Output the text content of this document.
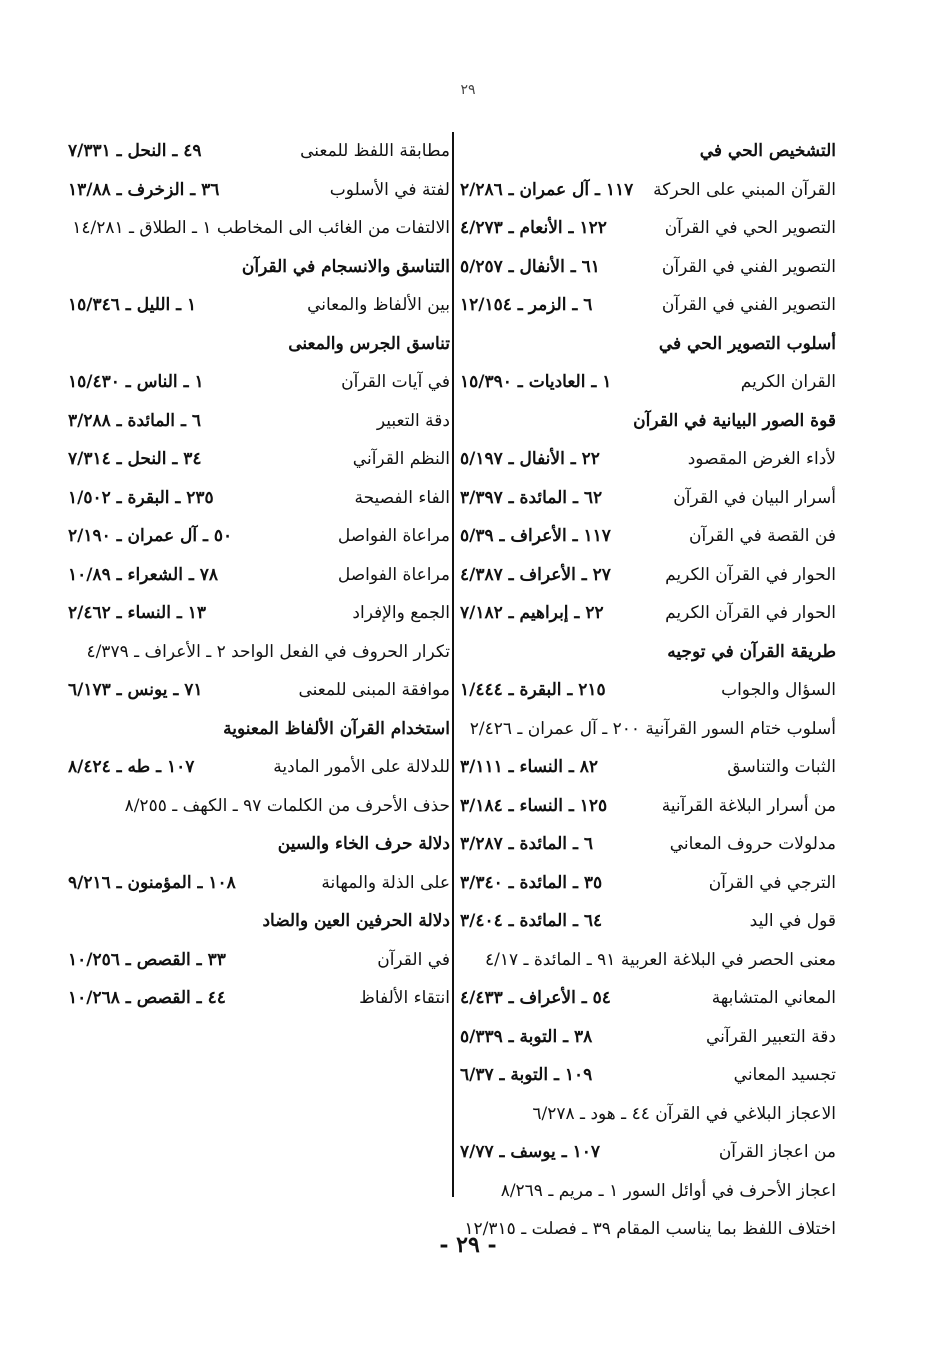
٢٩
التشخيص الحي في
القرآن المبني على الحركة
١١٧ ـ آل عمران ـ ٢/٢٨٦
التصوير الحي في القرآن
١٢٢ ـ الأنعام ـ ٤/٢٧٣
التصوير الفني في القرآن
٦١ ـ الأنفال ـ ٥/٢٥٧
التصوير الفني في القرآن
٦ ـ الزمر ـ ١٢/١٥٤
أسلوب التصوير الحي في
القران الكريم
١ ـ العاديات ـ ١٥/٣٩٠
قوة الصور البيانية في القرآن
لأداء الغرض المقصود
٢٢ ـ الأنفال ـ ٥/١٩٧
أسرار البيان في القرآن
٦٢ ـ المائدة ـ ٣/٣٩٧
فن القصة في القرآن
١١٧ ـ الأعراف ـ ٥/٣٩
الحوار في القرآن الكريم
٢٧ ـ الأعراف ـ ٤/٣٨٧
الحوار في القرآن الكريم
٢٢ ـ إبراهيم ـ ٧/١٨٢
طريقة القرآن في توجيه
السؤال والجواب
٢١٥ ـ البقرة ـ ١/٤٤٤
أسلوب ختام السور القرآنية ٢٠٠ ـ آل عمران ـ ٢/٤٢٦
الثبات والتناسق
٨٢ ـ النساء ـ ٣/١١١
من أسرار البلاغة القرآنية
١٢٥ ـ النساء ـ ٣/١٨٤
مدلولات حروف المعاني
٦ ـ المائدة ـ ٣/٢٨٧
الترجي في القرآن
٣٥ ـ المائدة ـ ٣/٣٤٠
قول في اليد
٦٤ ـ المائدة ـ ٣/٤٠٤
معنى الحصر في البلاغة العربية ٩١ ـ المائدة ـ ٤/١٧
المعاني المتشابهة
٥٤ ـ الأعراف ـ ٤/٤٣٣
دقة التعبير القرآني
٣٨ ـ التوبة ـ ٥/٣٣٩
تجسيد المعاني
١٠٩ ـ التوبة ـ ٦/٣٧
الاعجاز البلاغي في القرآن ٤٤ ـ هود ـ ٦/٢٧٨
من اعجاز القرآن
١٠٧ ـ يوسف ـ ٧/٧٧
اعجاز الأحرف في أوائل السور ١ ـ مريم ـ ٨/٢٦٩
اختلاف اللفظ بما يناسب المقام ٣٩ ـ فصلت ـ ١٢/٣١٥
مطابقة اللفظ للمعنى
٤٩ ـ النحل ـ ٧/٣٣١
لفتة في الأسلوب
٣٦ ـ الزخرف ـ ١٣/٨٨
الالتفات من الغائب الى المخاطب ١ ـ الطلاق ـ ١٤/٢٨١
التناسق والانسجام في القرآن
بين الألفاظ والمعاني
١ ـ الليل ـ ١٥/٣٤٦
تناسق الجرس والمعنى
في آيات القرآن
١ ـ الناس ـ ١٥/٤٣٠
دقة التعبير
٦ ـ المائدة ـ ٣/٢٨٨
النظم القرآني
٣٤ ـ النحل ـ ٧/٣١٤
الفاء الفصيحة
٢٣٥ ـ البقرة ـ ١/٥٠٢
مراعاة الفواصل
٥٠ ـ آل عمران ـ ٢/١٩٠
مراعاة الفواصل
٧٨ ـ الشعراء ـ ١٠/٨٩
الجمع والإفراد
١٣ ـ النساء ـ ٢/٤٦٢
تكرار الحروف في الفعل الواحد ٢ ـ الأعراف ـ ٤/٣٧٩
موافقة المبنى للمعنى
٧١ ـ يونس ـ ٦/١٧٣
استخدام القرآن الألفاظ المعنوية
للدلالة على الأمور المادية
١٠٧ ـ طه ـ ٨/٤٢٤
حذف الأحرف من الكلمات ٩٧ ـ الكهف ـ ٨/٢٥٥
دلالة حرف الخاء والسين
على الذلة والمهانة
١٠٨ ـ المؤمنون ـ ٩/٢١٦
دلالة الحرفين العين والضاد
في القرآن
٣٣ ـ القصص ـ ١٠/٢٥٦
انتقاء الألفاظ
٤٤ ـ القصص ـ ١٠/٢٦٨
- ٢٩ -
